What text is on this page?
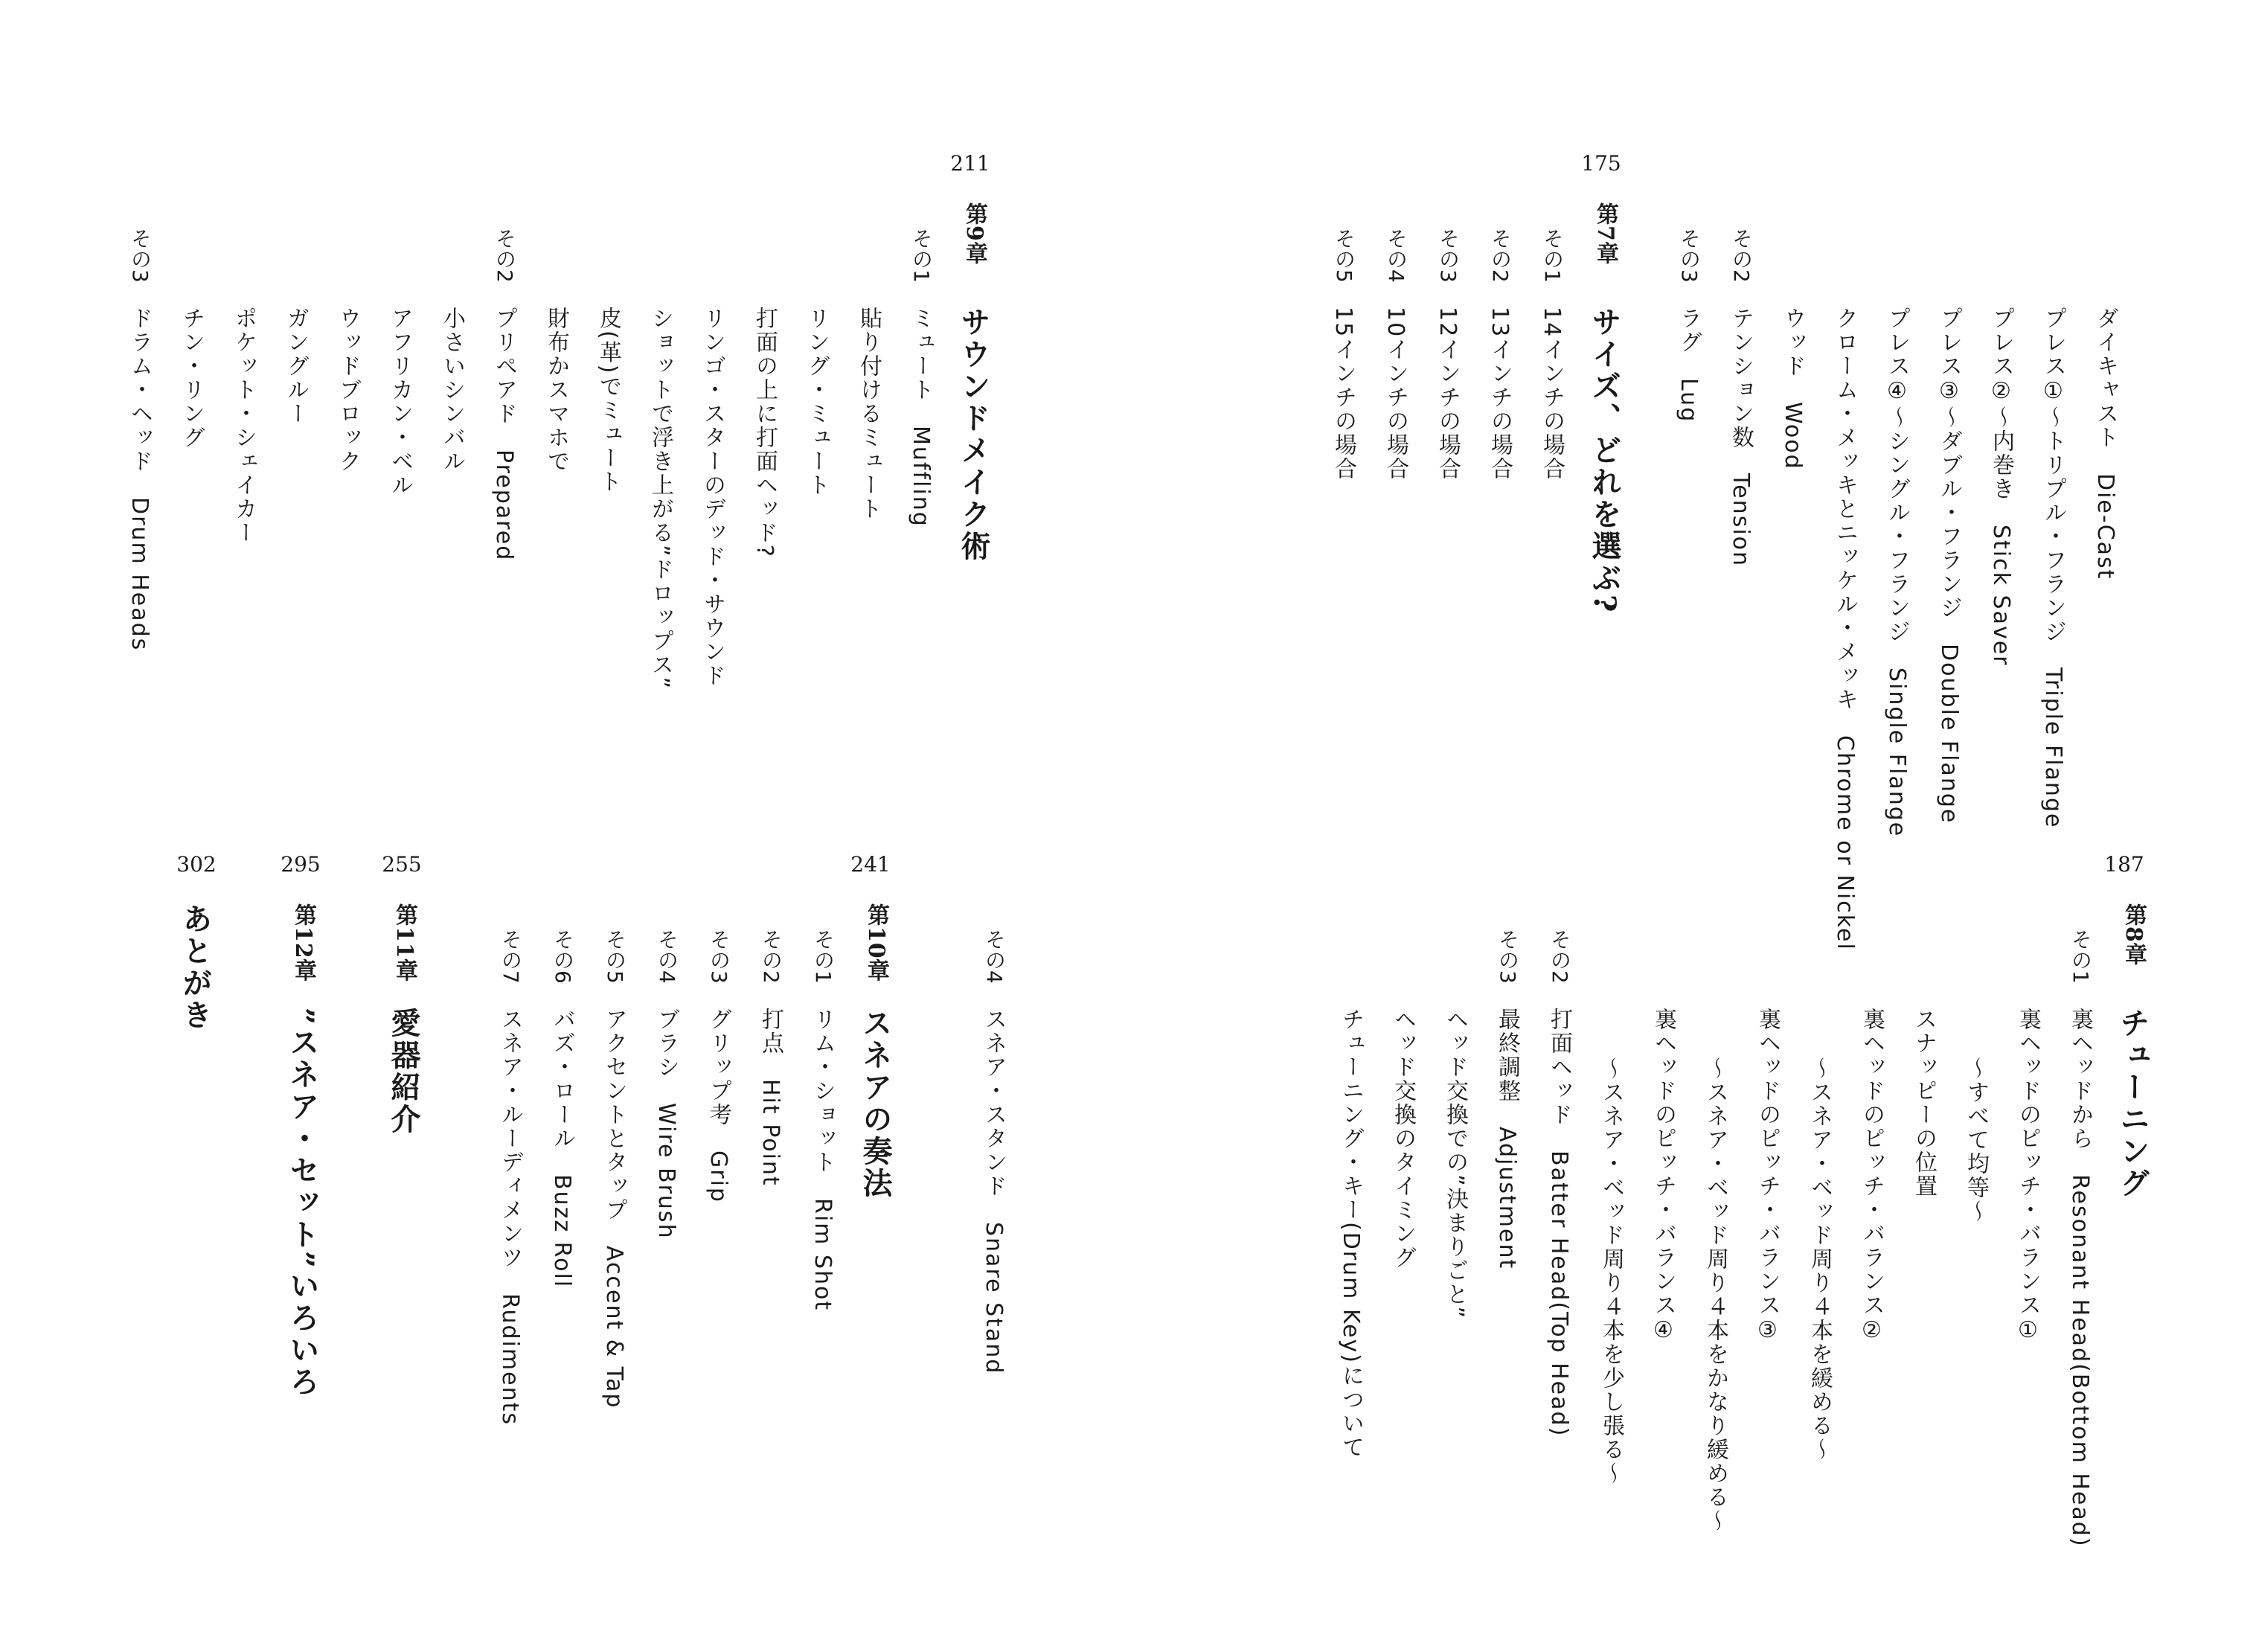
175
第7章
サイズ、どれを選ぶ?
その1
14インチの場合
その2
13インチの場合
その3
12インチの場合
その4
10インチの場合
その5
15インチの場合
187
第8章
チューニング
その1
裏ヘッドから　Resonant Head(Bottom Head)
裏ヘッドのピッチ・バランス①
〜すべて均等〜
スナッピーの位置
裏ヘッドのピッチ・バランス②
〜スネア・ベッド周り４本を緩める〜
裏ヘッドのピッチ・バランス③
〜スネア・ベッド周り４本をかなり緩める〜
裏ヘッドのピッチ・バランス④
〜スネア・ベッド周り４本を少し張る〜
その2
打面ヘッド　Batter Head(Top Head)
その3
最終調整　Adjustment
ヘッド交換での”決まりごと”
ヘッド交換のタイミング
チューニング・キー(Drum Key)について
211
第9章
サウンドメイク術
その1
ミュート　Muffling
貼り付けるミュート
リング・ミュート
打面の上に打面ヘッド?
リンゴ・スターのデッド・サウンド
ショットで浮き上がる”ドロップス”
皮(革)でミュート
財布かスマホで
その2
プリペアド　Prepared
小さいシンバル
アフリカン・ベル
ウッドブロック
ガングルー
ポケット・シェイカー
チン・リング
その3
ドラム・ヘッド　Drum Heads
241
第10章
スネアの奏法
その1
リム・ショット　Rim Shot
その2
打点　Hit Point
その3
グリップ考　Grip
その4
ブラシ　Wire Brush
その5
アクセントとタップ　Accent & Tap
その6
バズ・ロール　Buzz Roll
その7
スネア・ルーディメンツ　Rudiments
255
第11章
愛器紹介
295
第12章
”スネア・セット”いろいろ
302
あとがき
ダイキャスト　Die-Cast
プレス①〜トリプル・フランジ　Triple Flange
プレス②〜内巻き　Stick Saver
プレス③〜ダブル・フランジ　Double Flange
プレス④〜シングル・フランジ　Single Flange
クローム・メッキとニッケル・メッキ　Chrome or Nickel
ウッド　Wood
その2
テンション数　Tension
その3
ラグ　Lug
その4
スネア・スタンド　Snare Stand
